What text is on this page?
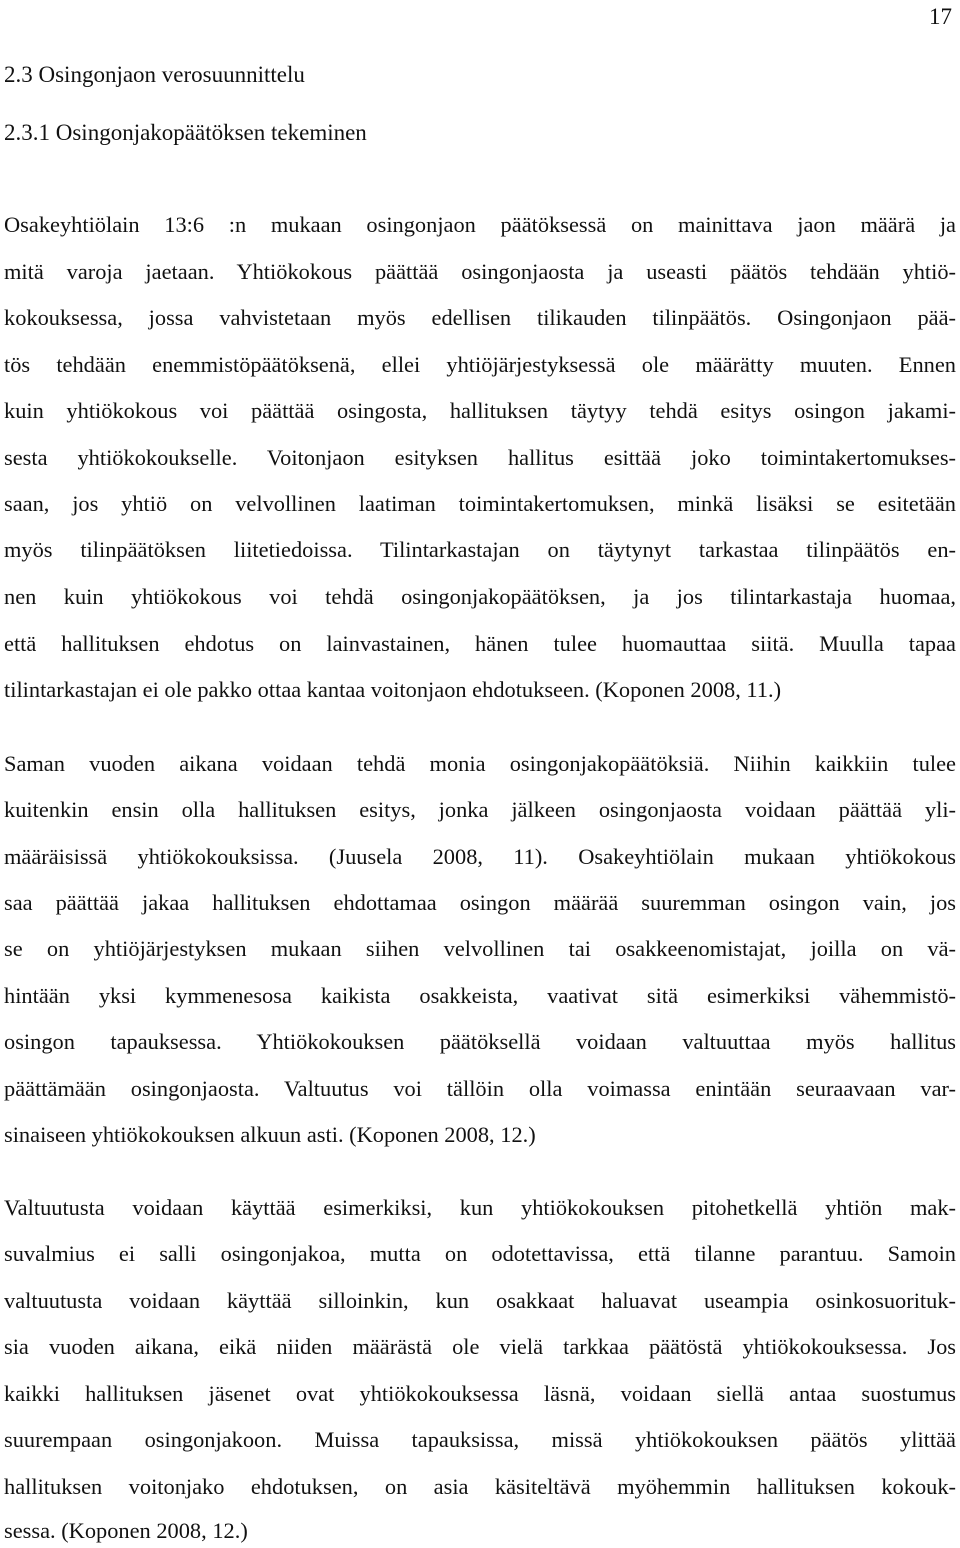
17
2.3 Osingonjaon verosuunnittelu
2.3.1 Osingonjakopäätöksen tekeminen
Osakeyhtiölain 13:6 :n mukaan osingonjaon päätöksessä on mainittava jaon määrä ja
mitä varoja jaetaan. Yhtiökokous päättää osingonjaosta ja useasti päätös tehdään yhtiö-
kokouksessa, jossa vahvistetaan myös edellisen tilikauden tilinpäätös. Osingonjaon pää-
tös tehdään enemmistöpäätöksenä, ellei yhtiöjärjestyksessä ole määrätty muuten. Ennen
kuin yhtiökokous voi päättää osingosta, hallituksen täytyy tehdä esitys osingon jakami-
sesta yhtiökokoukselle. Voitonjaon esityksen hallitus esittää joko toimintakertomukses-
saan, jos yhtiö on velvollinen laatiman toimintakertomuksen, minkä lisäksi se esitetään
myös tilinpäätöksen liitetiedoissa. Tilintarkastajan on täytynyt tarkastaa tilinpäätös en-
nen kuin yhtiökokous voi tehdä osingonjakopäätöksen, ja jos tilintarkastaja huomaa,
että hallituksen ehdotus on lainvastainen, hänen tulee huomauttaa siitä. Muulla tapaa
tilintarkastajan ei ole pakko ottaa kantaa voitonjaon ehdotukseen. (Koponen 2008, 11.)
Saman vuoden aikana voidaan tehdä monia osingonjakopäätöksiä. Niihin kaikkiin tulee
kuitenkin ensin olla hallituksen esitys, jonka jälkeen osingonjaosta voidaan päättää yli-
määräisissä yhtiökokouksissa. (Juusela 2008, 11). Osakeyhtiölain mukaan yhtiökokous
saa päättää jakaa hallituksen ehdottamaa osingon määrää suuremman osingon vain, jos
se on yhtiöjärjestyksen mukaan siihen velvollinen tai osakkeenomistajat, joilla on vä-
hintään yksi kymmenesosa kaikista osakkeista, vaativat sitä esimerkiksi vähemmistö-
osingon tapauksessa. Yhtiökokouksen päätöksellä voidaan valtuuttaa myös hallitus
päättämään osingonjaosta. Valtuutus voi tällöin olla voimassa enintään seuraavaan var-
sinaiseen yhtiökokouksen alkuun asti. (Koponen 2008, 12.)
Valtuutusta voidaan käyttää esimerkiksi, kun yhtiökokouksen pitohetkellä yhtiön mak-
suvalmius ei salli osingonjakoa, mutta on odotettavissa, että tilanne parantuu. Samoin
valtuutusta voidaan käyttää silloinkin, kun osakkaat haluavat useampia osinkosuorituk-
sia vuoden aikana, eikä niiden määrästä ole vielä tarkkaa päätöstä yhtiökokouksessa. Jos
kaikki hallituksen jäsenet ovat yhtiökokouksessa läsnä, voidaan siellä antaa suostumus
suurempaan osingonjakoon. Muissa tapauksissa, missä yhtiökokouksen päätös ylittää
hallituksen voitonjako ehdotuksen, on asia käsiteltävä myöhemmin hallituksen kokouk-
sessa. (Koponen 2008, 12.)
